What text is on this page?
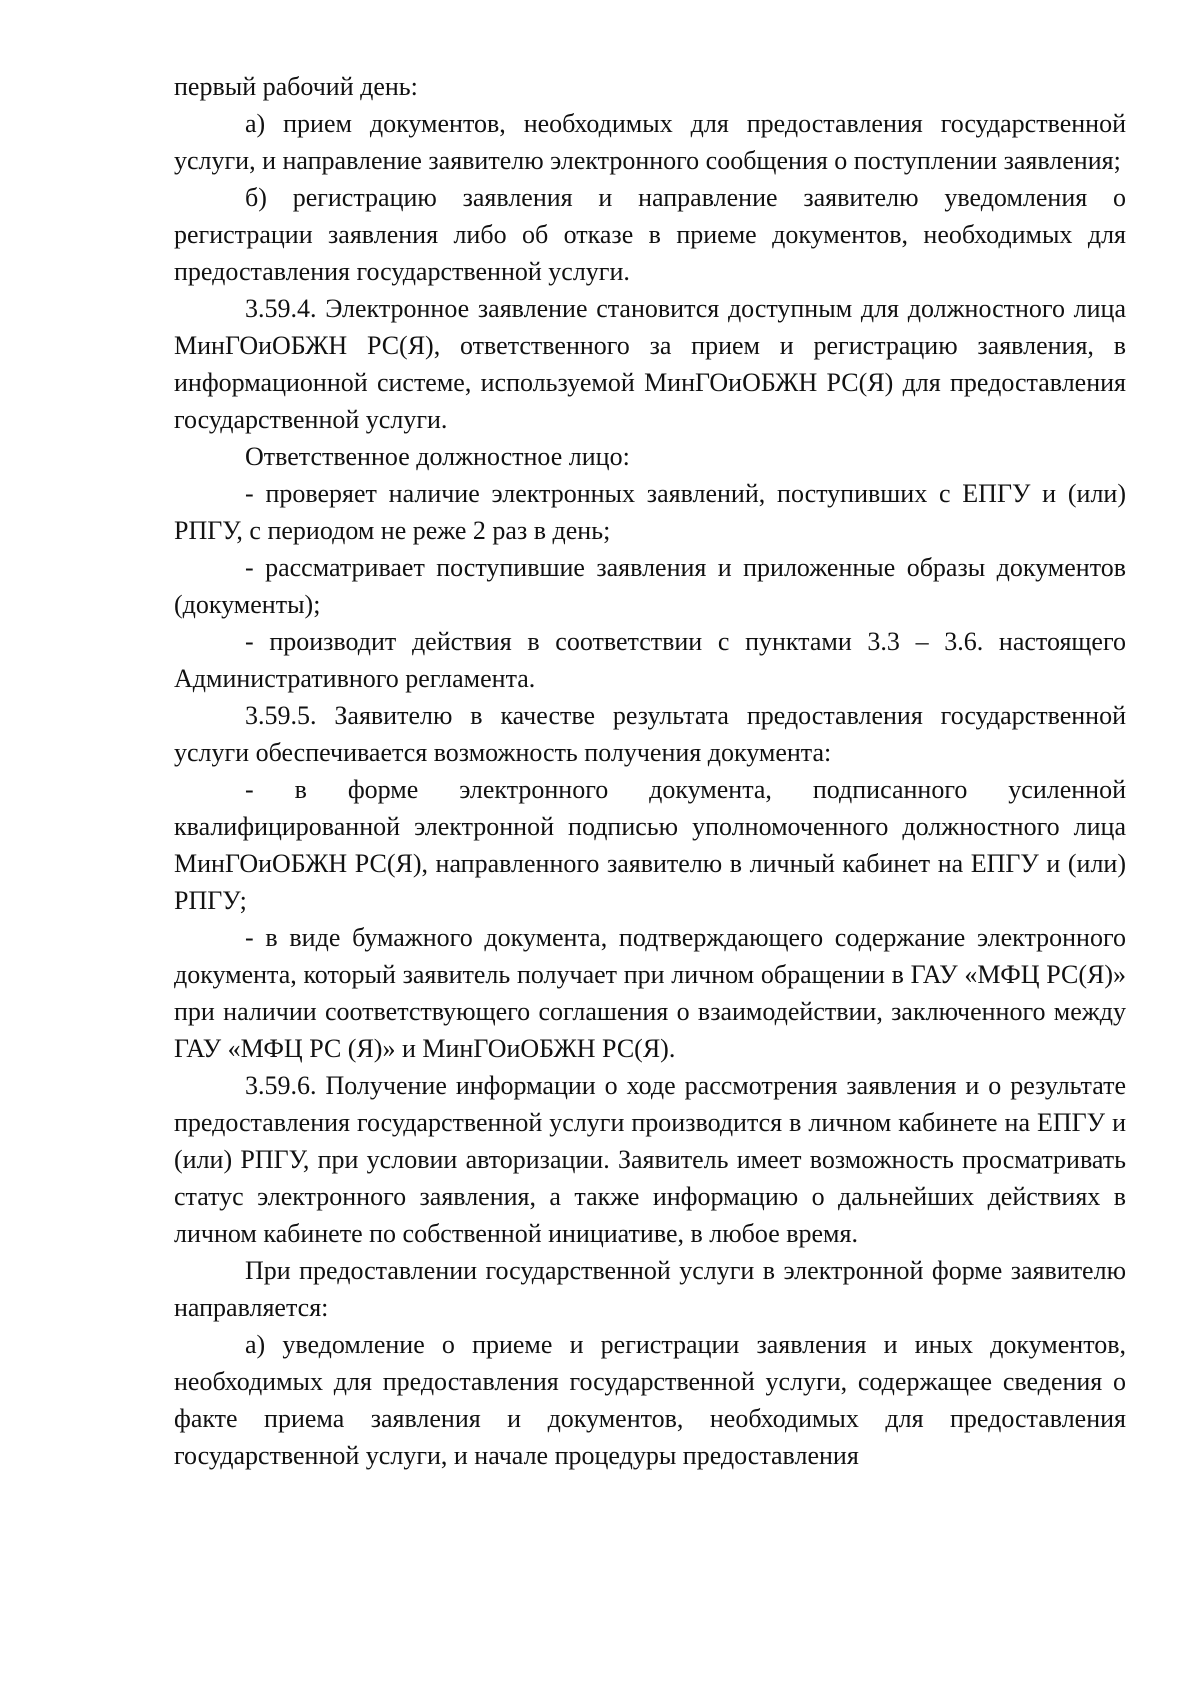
первый рабочий день:

а) прием документов, необходимых для предоставления государственной услуги, и направление заявителю электронного сообщения о поступлении заявления;

б) регистрацию заявления и направление заявителю уведомления о регистрации заявления либо об отказе в приеме документов, необходимых для предоставления государственной услуги.

3.59.4. Электронное заявление становится доступным для должностного лица МинГОиОБЖН РС(Я), ответственного за прием и регистрацию заявления, в информационной системе, используемой МинГОиОБЖН РС(Я) для предоставления государственной услуги.

Ответственное должностное лицо:

- проверяет наличие электронных заявлений, поступивших с ЕПГУ и (или) РПГУ, с периодом не реже 2 раз в день;

- рассматривает поступившие заявления и приложенные образы документов (документы);

- производит действия в соответствии с пунктами 3.3 – 3.6. настоящего Административного регламента.

3.59.5. Заявителю в качестве результата предоставления государственной услуги обеспечивается возможность получения документа:

- в форме электронного документа, подписанного усиленной квалифицированной электронной подписью уполномоченного должностного лица МинГОиОБЖН РС(Я), направленного заявителю в личный кабинет на ЕПГУ и (или) РПГУ;

- в виде бумажного документа, подтверждающего содержание электронного документа, который заявитель получает при личном обращении в ГАУ «МФЦ РС(Я)» при наличии соответствующего соглашения о взаимодействии, заключенного между ГАУ «МФЦ РС (Я)» и МинГОиОБЖН РС(Я).

3.59.6. Получение информации о ходе рассмотрения заявления и о результате предоставления государственной услуги производится в личном кабинете на ЕПГУ и (или) РПГУ, при условии авторизации. Заявитель имеет возможность просматривать статус электронного заявления, а также информацию о дальнейших действиях в личном кабинете по собственной инициативе, в любое время.

При предоставлении государственной услуги в электронной форме заявителю направляется:

а) уведомление о приеме и регистрации заявления и иных документов, необходимых для предоставления государственной услуги, содержащее сведения о факте приема заявления и документов, необходимых для предоставления государственной услуги, и начале процедуры предоставления
